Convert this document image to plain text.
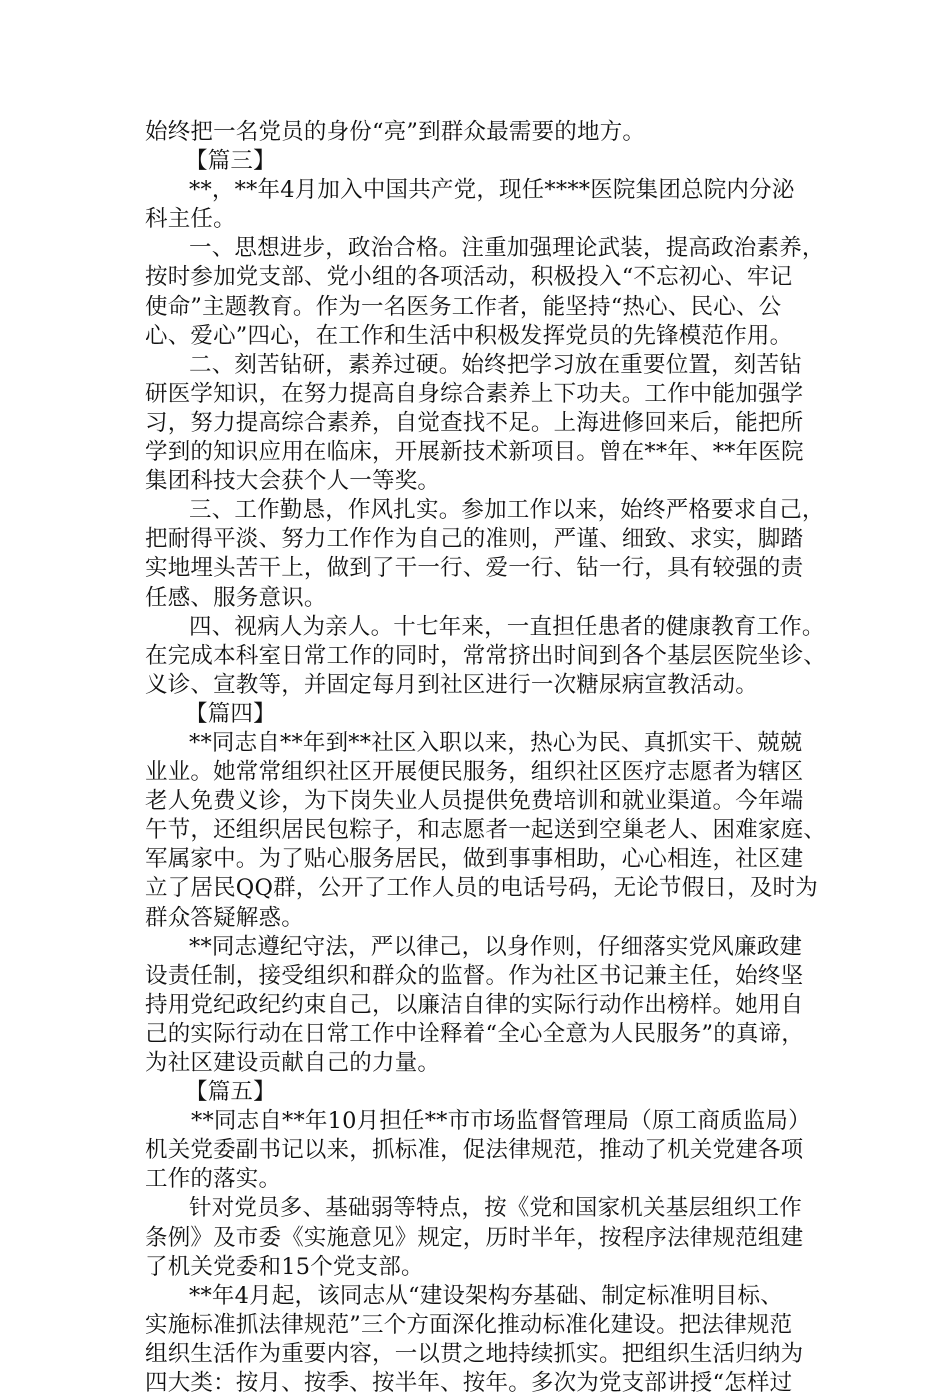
始终把一名党员的身份“亮”到群众最需要的地方。
【篇三】
**，**年4月加入中国共产党，现任****医院集团总院内分泌
科主任。
一、思想进步，政治合格。注重加强理论武装，提高政治素养，
按时参加党支部、党小组的各项活动，积极投入“不忘初心、牢记
使命”主题教育。作为一名医务工作者，能坚持“热心、民心、公
心、爱心”四心，在工作和生活中积极发挥党员的先锋模范作用。
二、刻苦钻研，素养过硬。始终把学习放在重要位置，刻苦钻
研医学知识，在努力提高自身综合素养上下功夫。工作中能加强学
习，努力提高综合素养，自觉查找不足。上海进修回来后，能把所
学到的知识应用在临床，开展新技术新项目。曾在**年、**年医院
集团科技大会获个人一等奖。
三、工作勤恳，作风扎实。参加工作以来，始终严格要求自己，
把耐得平淡、努力工作作为自己的准则，严谨、细致、求实，脚踏
实地埋头苦干上，做到了干一行、爱一行、钻一行，具有较强的责
任感、服务意识。
四、视病人为亲人。十七年来，一直担任患者的健康教育工作。
在完成本科室日常工作的同时，常常挤出时间到各个基层医院坐诊、
义诊、宣教等，并固定每月到社区进行一次糖尿病宣教活动。
【篇四】
**同志自**年到**社区入职以来，热心为民、真抓实干、兢兢
业业。她常常组织社区开展便民服务，组织社区医疗志愿者为辖区
老人免费义诊，为下岗失业人员提供免费培训和就业渠道。今年端
午节，还组织居民包粽子，和志愿者一起送到空巢老人、困难家庭、
军属家中。为了贴心服务居民，做到事事相助，心心相连，社区建
立了居民QQ群，公开了工作人员的电话号码，无论节假日，及时为
群众答疑解惑。
**同志遵纪守法，严以律己，以身作则，仔细落实党风廉政建
设责任制，接受组织和群众的监督。作为社区书记兼主任，始终坚
持用党纪政纪约束自己，以廉洁自律的实际行动作出榜样。她用自
己的实际行动在日常工作中诠释着“全心全意为人民服务”的真谛，
为社区建设贡献自己的力量。
【篇五】
**同志自**年10月担任**市市场监督管理局（原工商质监局）
机关党委副书记以来，抓标准，促法律规范，推动了机关党建各项
工作的落实。
针对党员多、基础弱等特点，按《党和国家机关基层组织工作
条例》及市委《实施意见》规定，历时半年，按程序法律规范组建
了机关党委和15个党支部。
**年4月起，该同志从“建设架构夯基础、制定标准明目标、
实施标准抓法律规范”三个方面深化推动标准化建设。把法律规范
组织生活作为重要内容，一以贯之地持续抓实。把组织生活归纳为
四大类：按月、按季、按半年、按年。多次为党支部讲授“怎样过
